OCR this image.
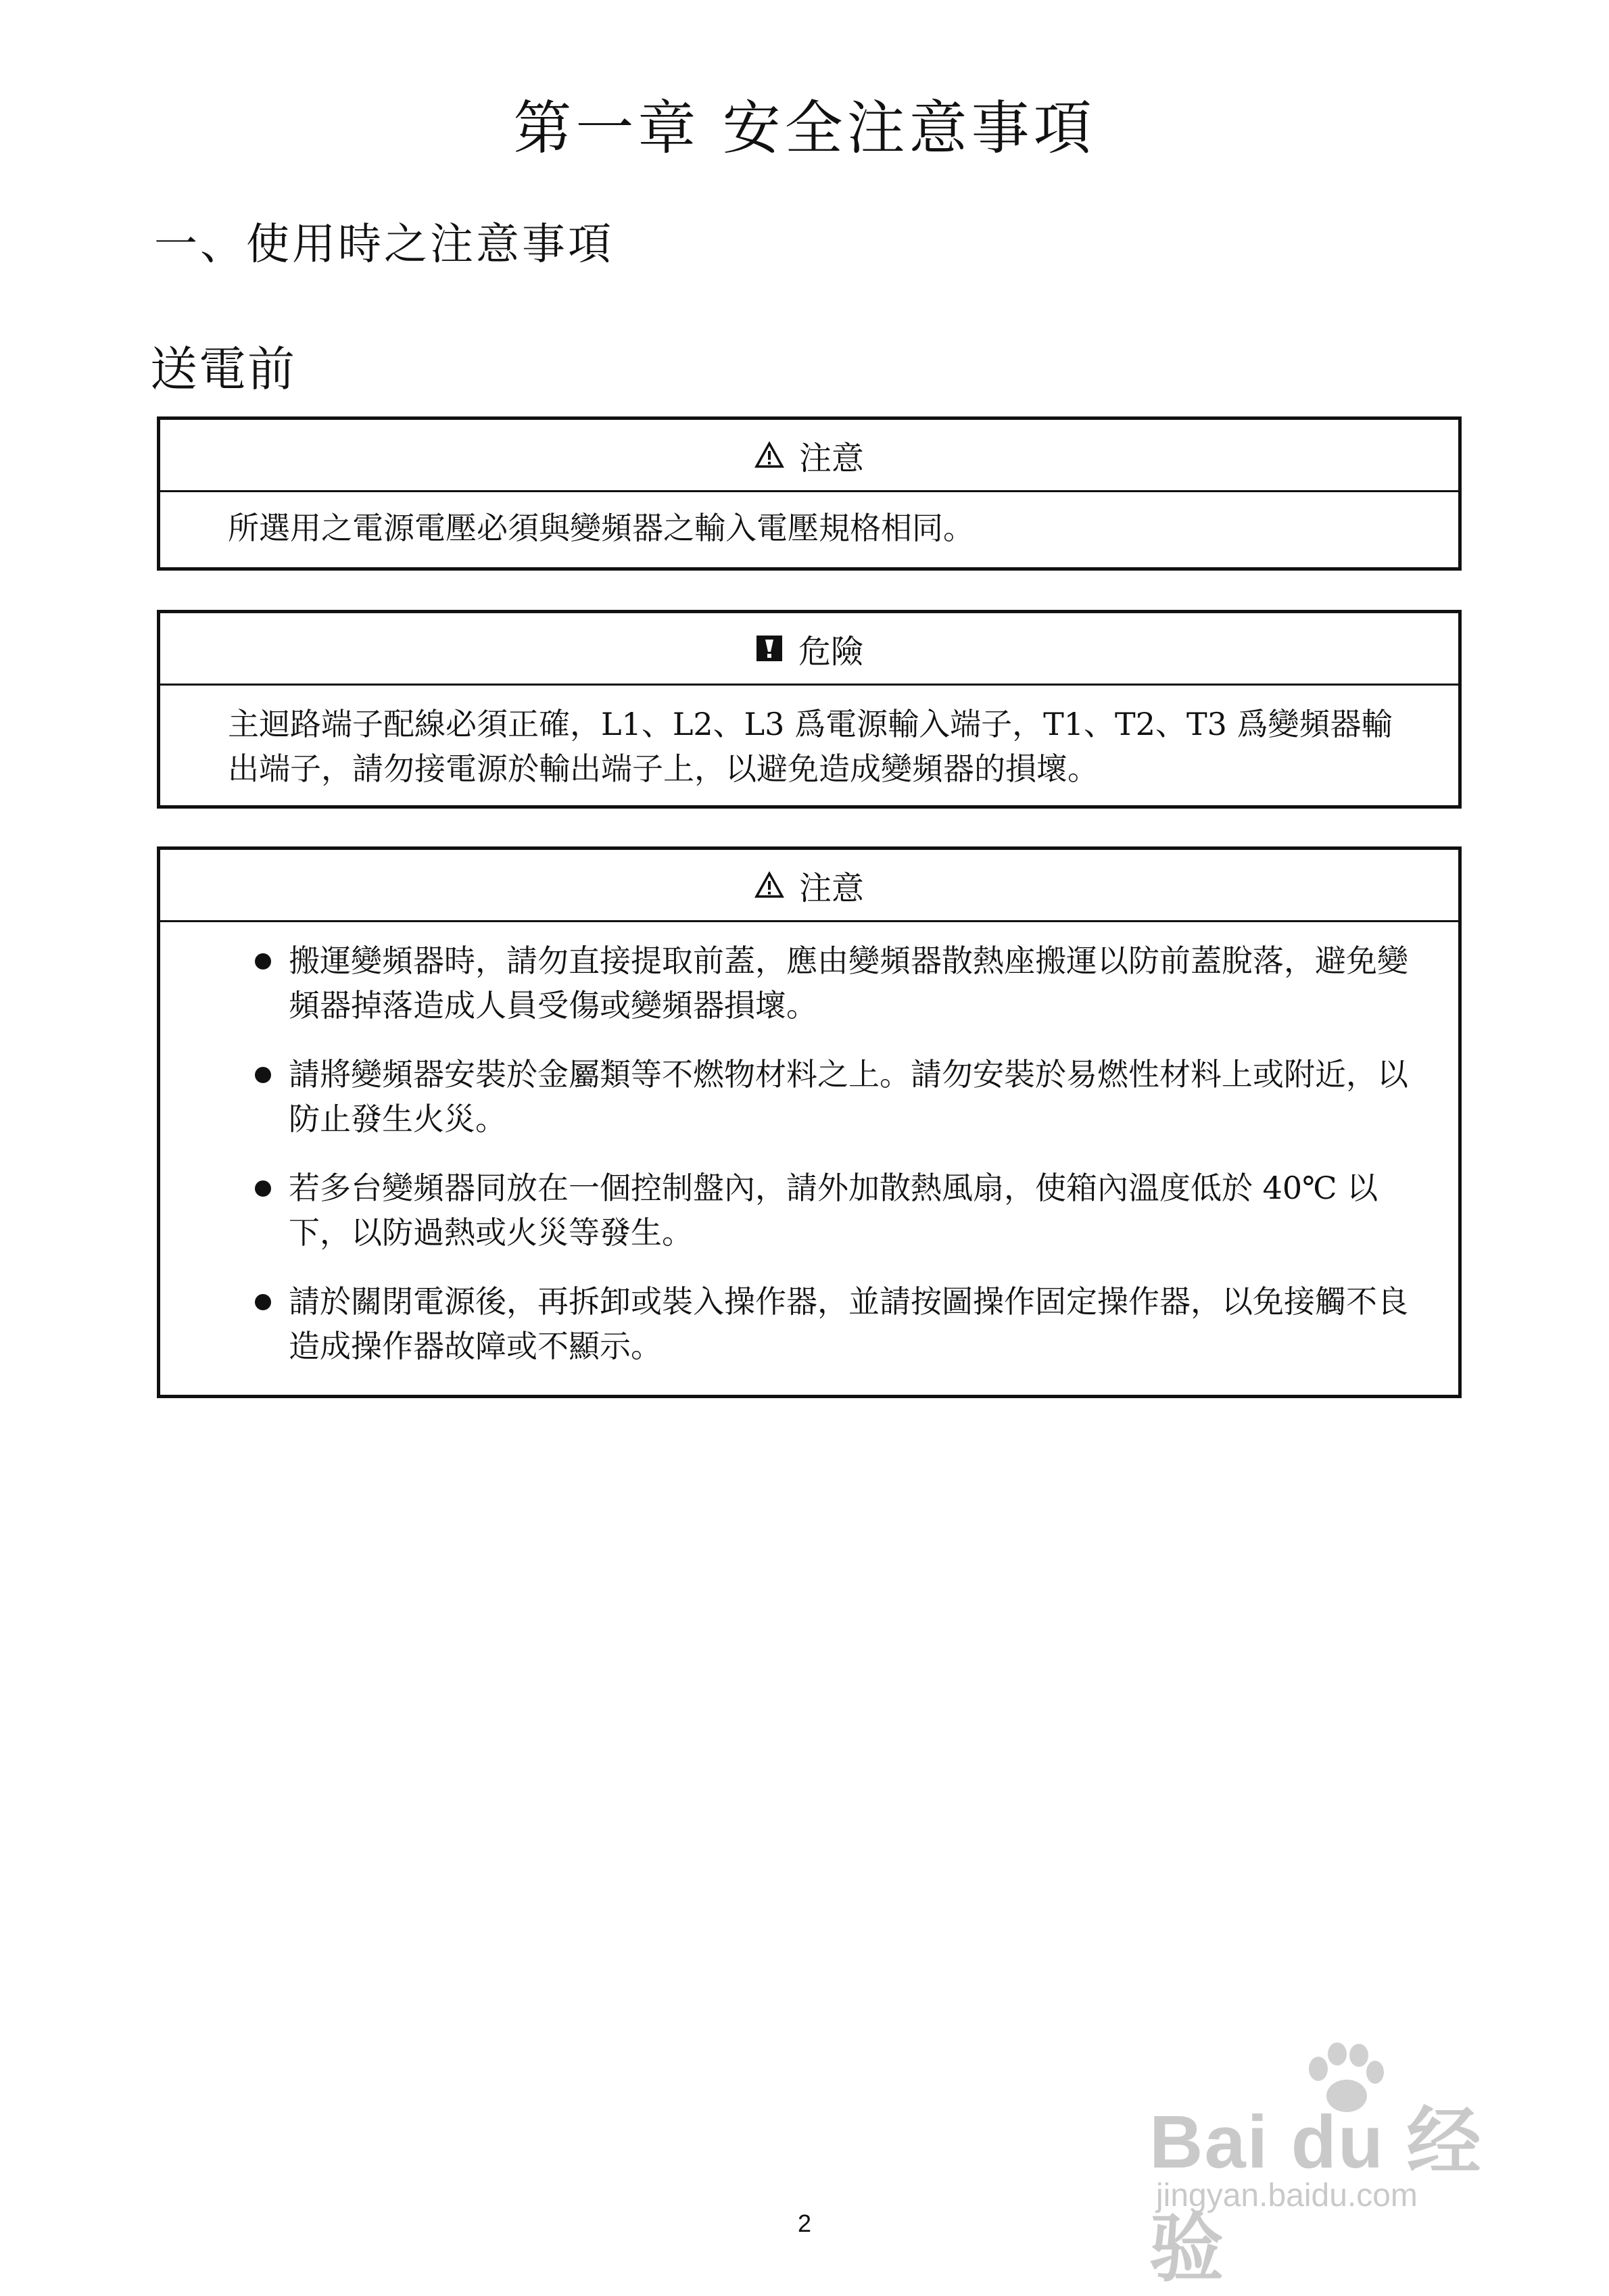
第一章 安全注意事項
一、使用時之注意事項
送電前
注意
所選用之電源電壓必須與變頻器之輸入電壓規格相同。
危險
主迴路端子配線必須正確，L1、L2、L3 爲電源輸入端子，T1、T2、T3 爲變頻器輸出端子，請勿接電源於輸出端子上，以避免造成變頻器的損壞。
注意
搬運變頻器時，請勿直接提取前蓋，應由變頻器散熱座搬運以防前蓋脫落，避免變頻器掉落造成人員受傷或變頻器損壞。
請將變頻器安裝於金屬類等不燃物材料之上。請勿安裝於易燃性材料上或附近，以防止發生火災。
若多台變頻器同放在一個控制盤內，請外加散熱風扇，使箱內溫度低於 40℃ 以下，以防過熱或火災等發生。
請於關閉電源後，再拆卸或裝入操作器，並請按圖操作固定操作器，以免接觸不良造成操作器故障或不顯示。
Bai du 经验
jingyan.baidu.com
2
